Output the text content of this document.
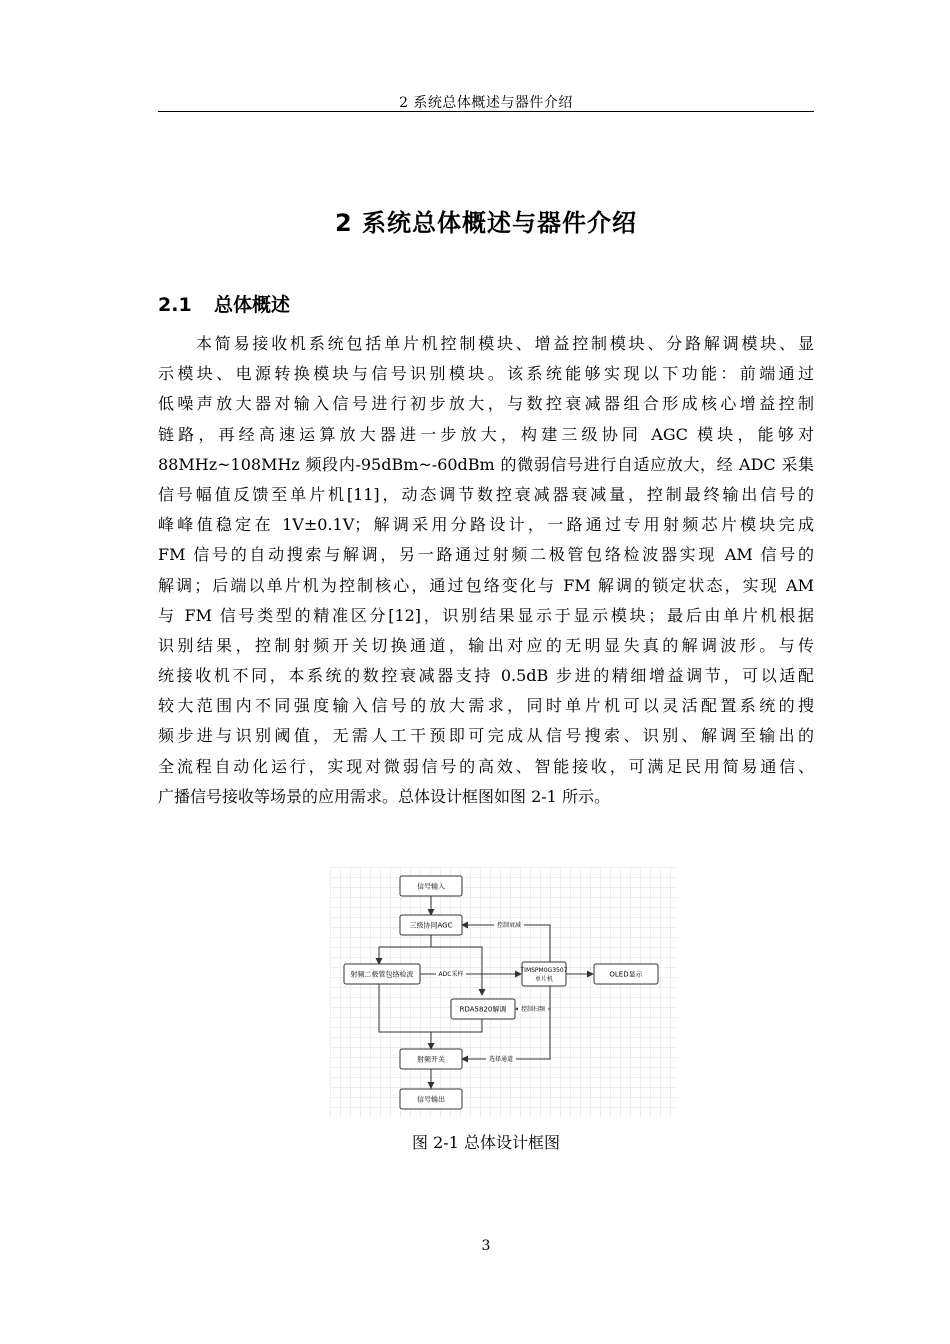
2 系统总体概述与器件介绍
2 系统总体概述与器件介绍
2.1 总体概述
本简易接收机系统包括单片机控制模块、增益控制模块、分路解调模块、显
示模块、电源转换模块与信号识别模块。该系统能够实现以下功能：前端通过
低噪声放大器对输入信号进行初步放大，与数控衰减器组合形成核心增益控制
链路，再经高速运算放大器进一步放大，构建三级协同 AGC 模块，能够对
88MHz~108MHz 频段内-95dBm~-60dBm 的微弱信号进行自适应放大，经 ADC 采集
信号幅值反馈至单片机[11]，动态调节数控衰减器衰减量，控制最终输出信号的
峰峰值稳定在 1V±0.1V；解调采用分路设计，一路通过专用射频芯片模块完成
FM 信号的自动搜索与解调，另一路通过射频二极管包络检波器实现 AM 信号的
解调；后端以单片机为控制核心，通过包络变化与 FM 解调的锁定状态，实现 AM
与 FM 信号类型的精准区分[12]，识别结果显示于显示模块；最后由单片机根据
识别结果，控制射频开关切换通道，输出对应的无明显失真的解调波形。与传
统接收机不同，本系统的数控衰减器支持 0.5dB 步进的精细增益调节，可以适配
较大范围内不同强度输入信号的放大需求，同时单片机可以灵活配置系统的搜
频步进与识别阈值，无需人工干预即可完成从信号搜索、识别、解调至输出的
全流程自动化运行，实现对微弱信号的高效、智能接收，可满足民用简易通信、
广播信号接收等场景的应用需求。总体设计框图如图 2-1 所示。
信号输入
三级协同AGC
射频二极管包络检波	TIMSPM0G3507
单片机
OLED显示
RDA5820解调
射频开关
信号输出
控制衰减
ADC采样
控制扫频
选择通道
图 2-1 总体设计框图
3
